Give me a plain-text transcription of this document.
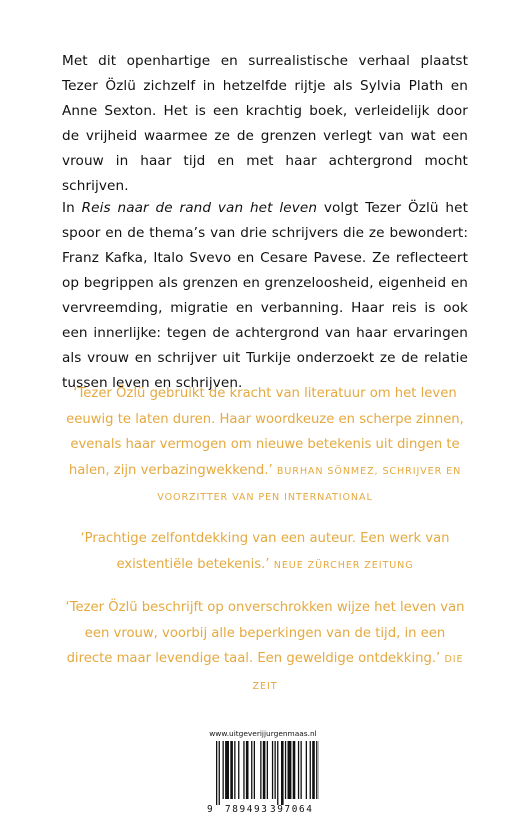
Met dit openhartige en surrealistische verhaal plaatst Tezer Özlü zichzelf in hetzelfde rijtje als Sylvia Plath en Anne Sexton. Het is een krachtig boek, verleidelijk door de vrijheid waarmee ze de grenzen verlegt van wat een vrouw in haar tijd en met haar achtergrond mocht schrijven.

In Reis naar de rand van het leven volgt Tezer Özlü het spoor en de thema’s van drie schrijvers die ze bewondert: Franz Kafka, Italo Svevo en Cesare Pavese. Ze reflecteert op begrippen als grenzen en grenzeloosheid, eigenheid en vervreemding, migratie en verbanning. Haar reis is ook een innerlijke: tegen de achtergrond van haar ervaringen als vrouw en schrijver uit Turkije onderzoekt ze de relatie tussen leven en schrijven.

‘Tezer Özlü gebruikt de kracht van literatuur om het leven eeuwig te laten duren. Haar woordkeuze en scherpe zinnen, evenals haar vermogen om nieuwe betekenis uit dingen te halen, zijn verbazingwekkend.’ BURHAN SÖNMEZ, SCHRIJVER EN VOORZITTER VAN PEN INTERNATIONAL

‘Prachtige zelfontdekking van een auteur. Een werk van existentiële betekenis.’ NEUE ZÜRCHER ZEITUNG

‘Tezer Özlü beschrijft op onverschrokken wijze het leven van een vrouw, voorbij alle beperkingen van de tijd, in een directe maar levendige taal. Een geweldige ontdekking.’ DIE ZEIT

www.uitgeverijjurgenmaas.nl
9 789493 397064
